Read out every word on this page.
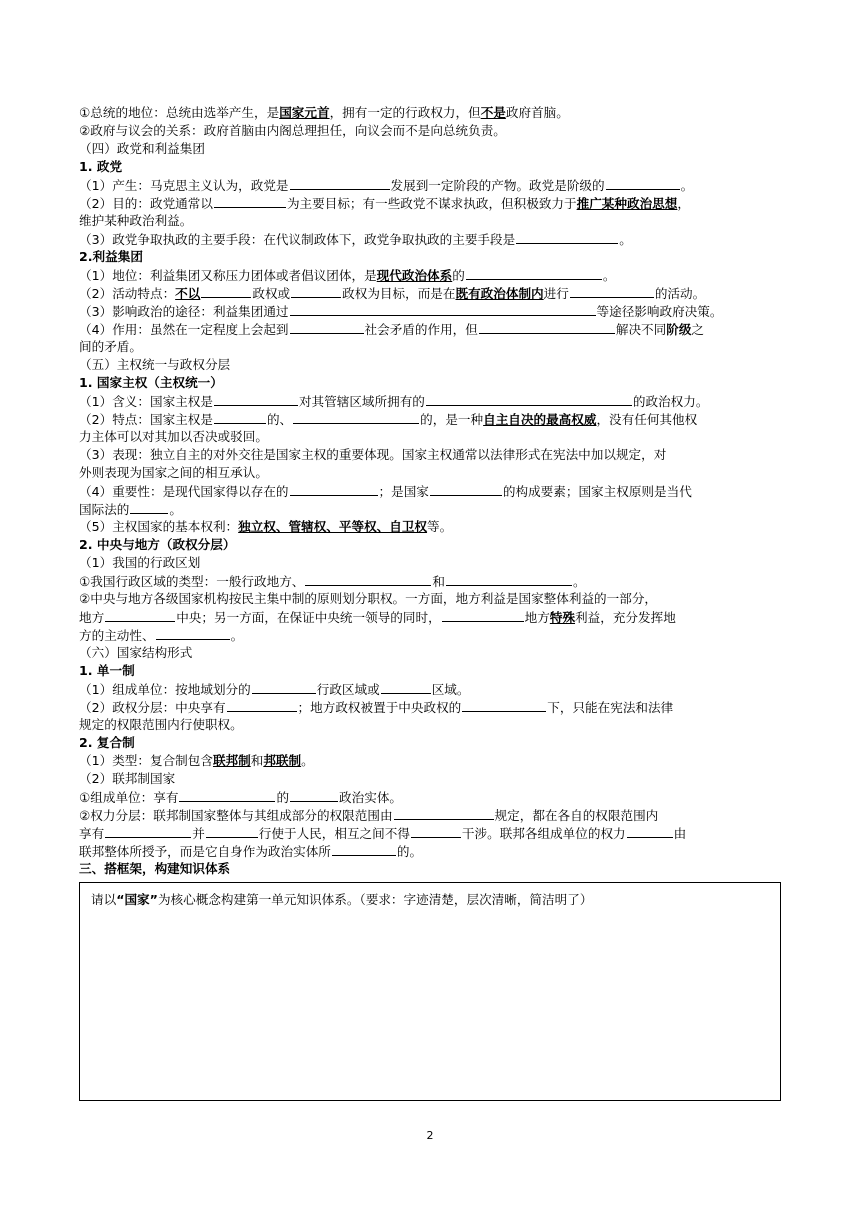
①总统的地位：总统由选举产生，是国家元首，拥有一定的行政权力，但不是政府首脑。
②政府与议会的关系：政府首脑由内阁总理担任，向议会而不是向总统负责。
（四）政党和利益集团
1. 政党
（1）产生：马克思主义认为，政党是	发展到一定阶段的产物。政党是阶级的	。
（2）目的：政党通常以	为主要目标；有一些政党不谋求执政，但积极致力于推广某种政治思想，
维护某种政治利益。
（3）政党争取执政的主要手段：在代议制政体下，政党争取执政的主要手段是	。
2.利益集团
（1）地位：利益集团又称压力团体或者倡议团体，是现代政治体系的	。
（2）活动特点：不以	政权或	政权为目标，而是在既有政治体制内进行	的活动。
（3）影响政治的途径：利益集团通过	等途径影响政府决策。
（4）作用：虽然在一定程度上会起到	社会矛盾的作用，但	解决不同阶级之
间的矛盾。
（五）主权统一与政权分层
1. 国家主权（主权统一）
（1）含义：国家主权是	对其管辖区域所拥有的	的政治权力。
（2）特点：国家主权是	的、	的，是一种自主自决的最高权威，没有任何其他权
力主体可以对其加以否决或驳回。
（3）表现：独立自主的对外交往是国家主权的重要体现。国家主权通常以法律形式在宪法中加以规定，对
外则表现为国家之间的相互承认。
（4）重要性：是现代国家得以存在的	；是国家	的构成要素；国家主权原则是当代
国际法的	。
（5）主权国家的基本权利：独立权、管辖权、平等权、自卫权等。
2. 中央与地方（政权分层）
（1）我国的行政区划
①我国行政区域的类型：一般行政地方、	和	。
②中央与地方各级国家机构按民主集中制的原则划分职权。一方面，地方利益是国家整体利益的一部分，
地方	中央；另一方面，在保证中央统一领导的同时，	地方特殊利益，充分发挥地
方的主动性、	。
（六）国家结构形式
1. 单一制
（1）组成单位：按地域划分的	行政区域或	区域。
（2）政权分层：中央享有	；地方政权被置于中央政权的	下，只能在宪法和法律
规定的权限范围内行使职权。
2. 复合制
（1）类型：复合制包含联邦制和邦联制。
（2）联邦制国家
①组成单位：享有	的	政治实体。
②权力分层：联邦制国家整体与其组成部分的权限范围由	规定，都在各自的权限范围内
享有	并	行使于人民，相互之间不得	干涉。联邦各组成单位的权力	由
联邦整体所授予，而是它自身作为政治实体所	的。
三、搭框架，构建知识体系
请以“国家”为核心概念构建第一单元知识体系。（要求：字迹清楚，层次清晰，简洁明了）
2
